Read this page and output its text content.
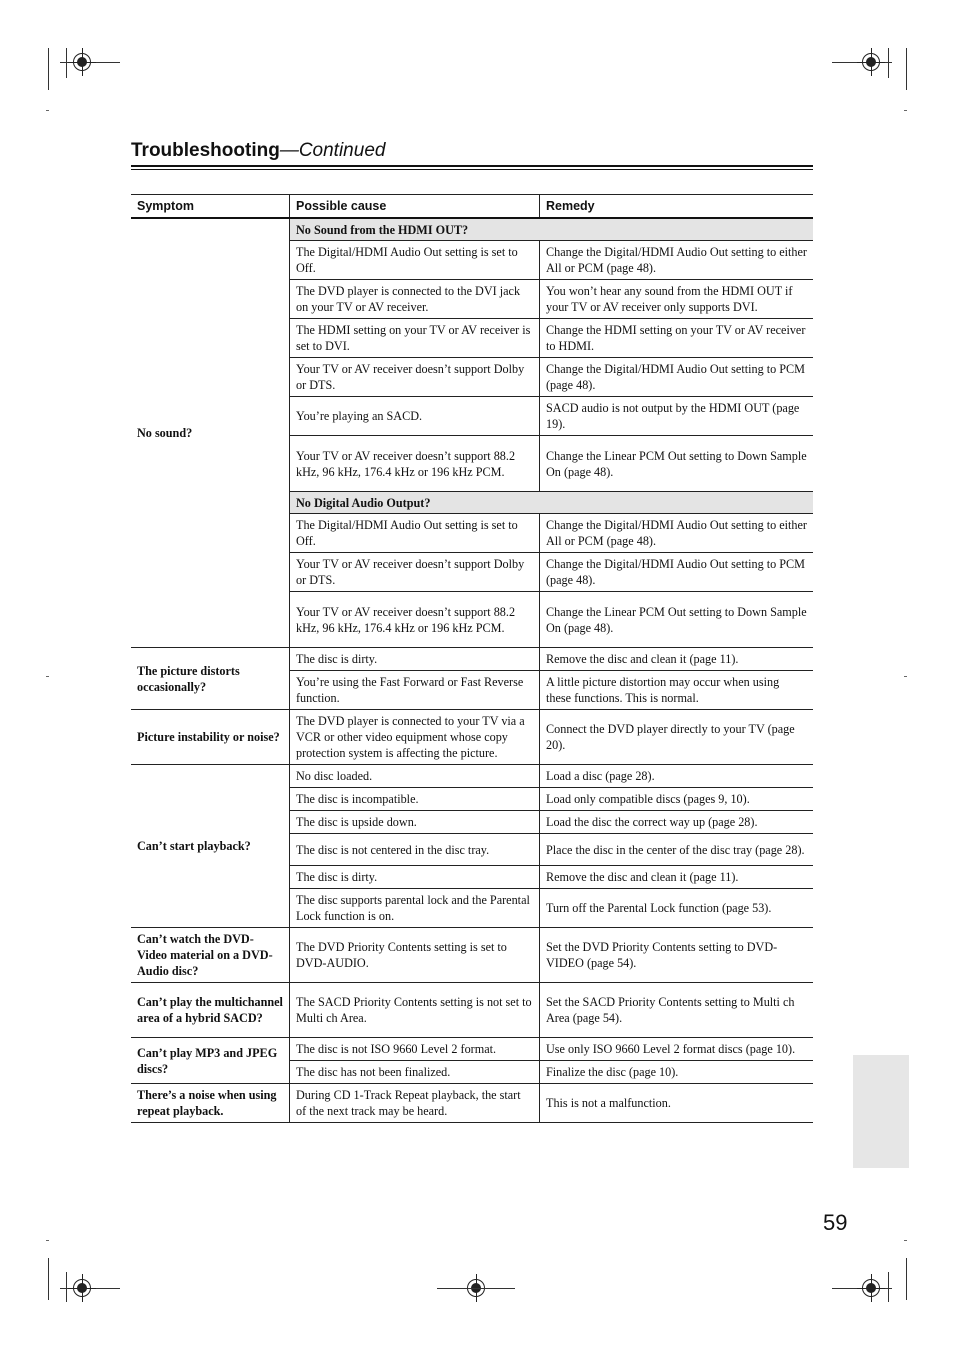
Troubleshooting—Continued
Symptom	Possible cause	Remedy
No sound?	No Sound from the HDMI OUT?	
	The Digital/HDMI Audio Out setting is set to Off.	Change the Digital/HDMI Audio Out setting to either All or PCM (page 48).
	The DVD player is connected to the DVI jack on your TV or AV receiver.	You won’t hear any sound from the HDMI OUT if your TV or AV receiver only supports DVI.
	The HDMI setting on your TV or AV receiver is set to DVI.	Change the HDMI setting on your TV or AV receiver to HDMI.
	Your TV or AV receiver doesn’t support Dolby or DTS.	Change the Digital/HDMI Audio Out setting to PCM (page 48).
	You’re playing an SACD.	SACD audio is not output by the HDMI OUT (page 19).
	Your TV or AV receiver doesn’t support 88.2 kHz, 96 kHz, 176.4 kHz or 196 kHz PCM.	Change the Linear PCM Out setting to Down Sample On (page 48).
	No Digital Audio Output?	
	The Digital/HDMI Audio Out setting is set to Off.	Change the Digital/HDMI Audio Out setting to either All or PCM (page 48).
	Your TV or AV receiver doesn’t support Dolby or DTS.	Change the Digital/HDMI Audio Out setting to PCM (page 48).
	Your TV or AV receiver doesn’t support 88.2 kHz, 96 kHz, 176.4 kHz or 196 kHz PCM.	Change the Linear PCM Out setting to Down Sample On (page 48).
The picture distorts occasionally?	The disc is dirty.	Remove the disc and clean it (page 11).
	You’re using the Fast Forward or Fast Reverse function.	A little picture distortion may occur when using these functions. This is normal.
Picture instability or noise?	The DVD player is connected to your TV via a VCR or other video equipment whose copy protection system is affecting the picture.	Connect the DVD player directly to your TV (page 20).
Can’t start playback?	No disc loaded.	Load a disc (page 28).
	The disc is incompatible.	Load only compatible discs (pages 9, 10).
	The disc is upside down.	Load the disc the correct way up (page 28).
	The disc is not centered in the disc tray.	Place the disc in the center of the disc tray (page 28).
	The disc is dirty.	Remove the disc and clean it (page 11).
	The disc supports parental lock and the Parental Lock function is on.	Turn off the Parental Lock function (page 53).
Can’t watch the DVD-Video material on a DVD-Audio disc?	The DVD Priority Contents setting is set to DVD-AUDIO.	Set the DVD Priority Contents setting to DVD-VIDEO (page 54).
Can’t play the multichannel area of a hybrid SACD?	The SACD Priority Contents setting is not set to Multi ch Area.	Set the SACD Priority Contents setting to Multi ch Area (page 54).
Can’t play MP3 and JPEG discs?	The disc is not ISO 9660 Level 2 format.	Use only ISO 9660 Level 2 format discs (page 10).
	The disc has not been finalized.	Finalize the disc (page 10).
There’s a noise when using repeat playback.	During CD 1-Track Repeat playback, the start of the next track may be heard.	This is not a malfunction.
59
